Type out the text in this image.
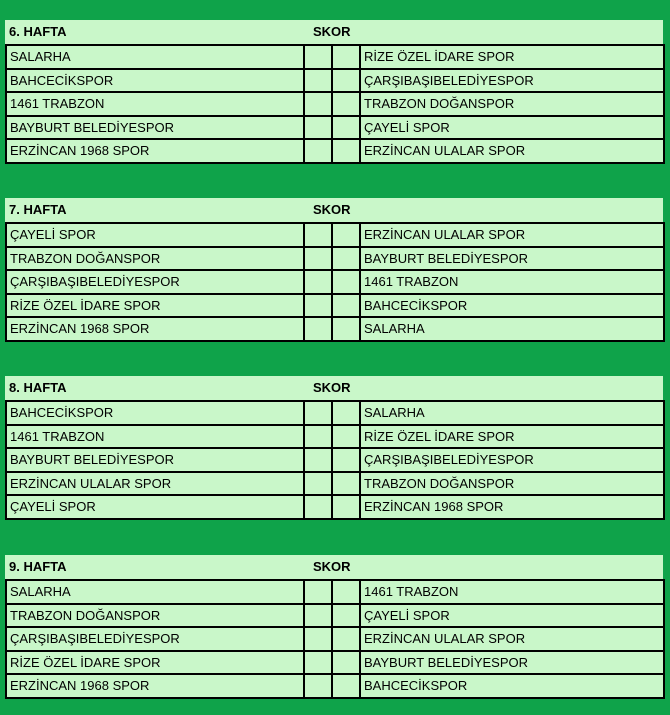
6. HAFTA	SKOR
SALARHA			RİZE ÖZEL İDARE SPOR
BAHCECİKSPOR			ÇARŞIBAŞIBELEDİYESPOR
1461 TRABZON			TRABZON DOĞANSPOR
BAYBURT BELEDİYESPOR			ÇAYELİ SPOR
ERZİNCAN 1968 SPOR			ERZİNCAN ULALAR SPOR
7. HAFTA	SKOR
ÇAYELİ SPOR			ERZİNCAN ULALAR SPOR
TRABZON DOĞANSPOR			BAYBURT BELEDİYESPOR
ÇARŞIBAŞIBELEDİYESPOR			1461 TRABZON
RİZE ÖZEL İDARE SPOR			BAHCECİKSPOR
ERZİNCAN 1968 SPOR			SALARHA
8. HAFTA	SKOR
BAHCECİKSPOR			SALARHA
1461 TRABZON			RİZE ÖZEL İDARE SPOR
BAYBURT BELEDİYESPOR			ÇARŞIBAŞIBELEDİYESPOR
ERZİNCAN ULALAR SPOR			TRABZON DOĞANSPOR
ÇAYELİ SPOR			ERZİNCAN 1968 SPOR
9. HAFTA	SKOR
SALARHA			1461 TRABZON
TRABZON DOĞANSPOR			ÇAYELİ SPOR
ÇARŞIBAŞIBELEDİYESPOR			ERZİNCAN ULALAR SPOR
RİZE ÖZEL İDARE SPOR			BAYBURT BELEDİYESPOR
ERZİNCAN 1968 SPOR			BAHCECİKSPOR
